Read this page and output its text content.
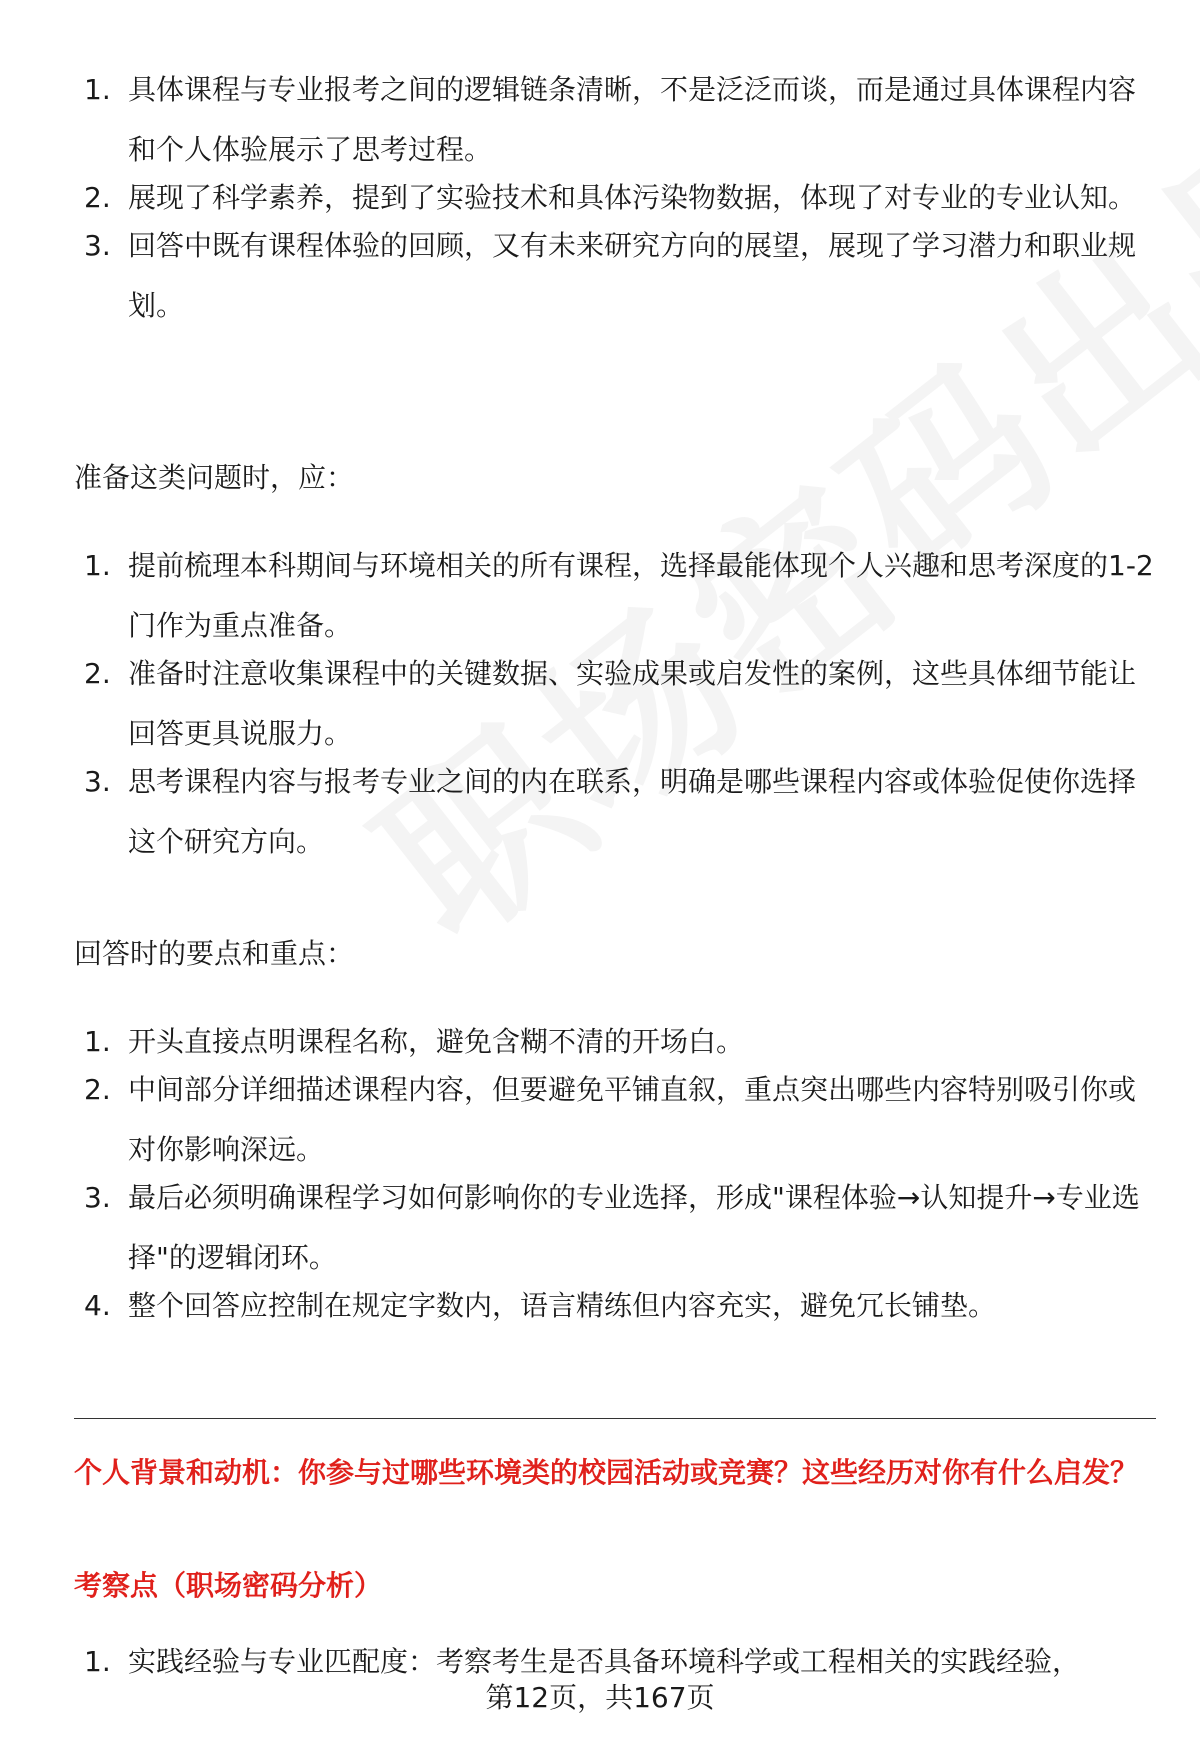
1. 具体课程与专业报考之间的逻辑链条清晰，不是泛泛而谈，而是通过具体课程内容和个人体验展示了思考过程。
2. 展现了科学素养，提到了实验技术和具体污染物数据，体现了对专业的专业认知。
3. 回答中既有课程体验的回顾，又有未来研究方向的展望，展现了学习潜力和职业规划。
准备这类问题时，应：
1. 提前梳理本科期间与环境相关的所有课程，选择最能体现个人兴趣和思考深度的1-2门作为重点准备。
2. 准备时注意收集课程中的关键数据、实验成果或启发性的案例，这些具体细节能让回答更具说服力。
3. 思考课程内容与报考专业之间的内在联系，明确是哪些课程内容或体验促使你选择这个研究方向。
回答时的要点和重点：
1. 开头直接点明课程名称，避免含糊不清的开场白。
2. 中间部分详细描述课程内容，但要避免平铺直叙，重点突出哪些内容特别吸引你或对你影响深远。
3. 最后必须明确课程学习如何影响你的专业选择，形成"课程体验→认知提升→专业选择"的逻辑闭环。
4. 整个回答应控制在规定字数内，语言精练但内容充实，避免冗长铺垫。
个人背景和动机：你参与过哪些环境类的校园活动或竞赛？这些经历对你有什么启发？
考察点（职场密码分析）
1. 实践经验与专业匹配度：考察考生是否具备环境科学或工程相关的实践经验，
第12页，共167页
